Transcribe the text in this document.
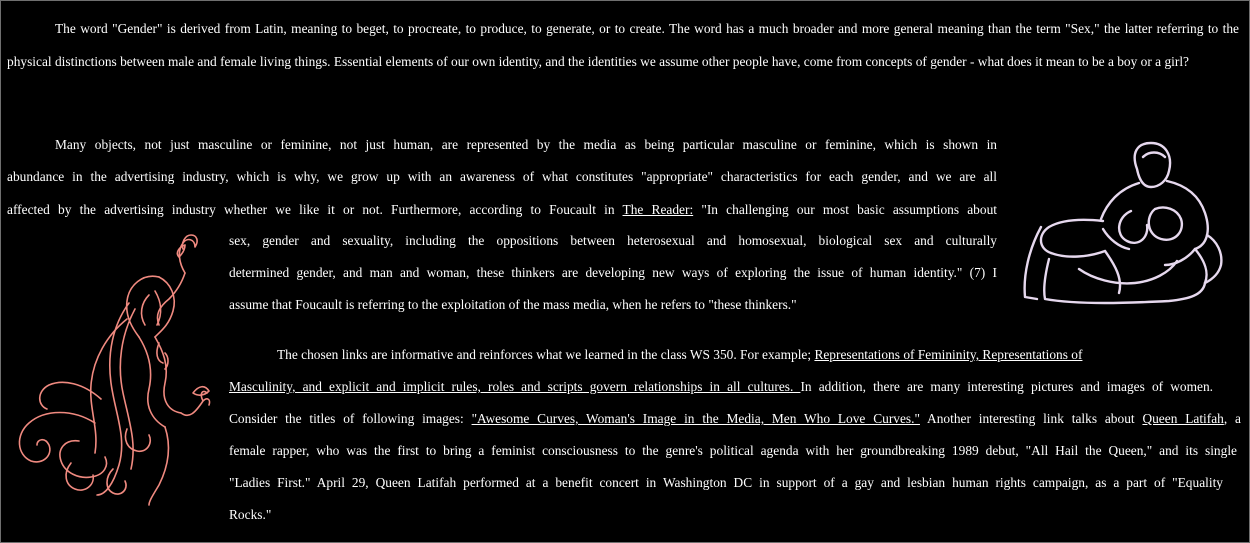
The word "Gender" is derived from Latin, meaning to beget, to procreate, to produce, to generate, or to create. The word has a much broader and more general meaning than the term "Sex," the latter referring to the physical distinctions between male and female living things. Essential elements of our own identity, and the identities we assume other people have, come from concepts of gender - what does it mean to be a boy or a girl?

Many objects, not just masculine or feminine, not just human, are represented by the media as being particular masculine or feminine, which is shown in
abundance in the advertising industry, which is why, we grow up with an awareness of what constitutes "appropriate" characteristics for each gender, and we are all
affected by the advertising industry whether we like it or not. Furthermore, according to Foucault in The Reader: "In challenging our most basic assumptions about
sex, gender and sexuality, including the oppositions between heterosexual and homosexual, biological sex and culturally
determined gender, and man and woman, these thinkers are developing new ways of exploring the issue of human identity." (7) I
assume that Foucault is referring to the exploitation of the mass media, when he refers to "these thinkers."
The chosen links are informative and reinforces what we learned in the class WS 350. For example; Representations of Femininity, Representations of
Masculinity, and explicit and implicit rules, roles and scripts govern relationships in all cultures. In addition, there are many interesting pictures and images of women.
Consider the titles of following images: "Awesome Curves, Woman's Image in the Media, Men Who Love Curves." Another interesting link talks about Queen Latifah, a
female rapper, who was the first to bring a feminist consciousness to the genre's political agenda with her groundbreaking 1989 debut, "All Hail the Queen," and its single
"Ladies First." April 29, Queen Latifah performed at a benefit concert in Washington DC in support of a gay and lesbian human rights campaign, as a part of "Equality
Rocks."
